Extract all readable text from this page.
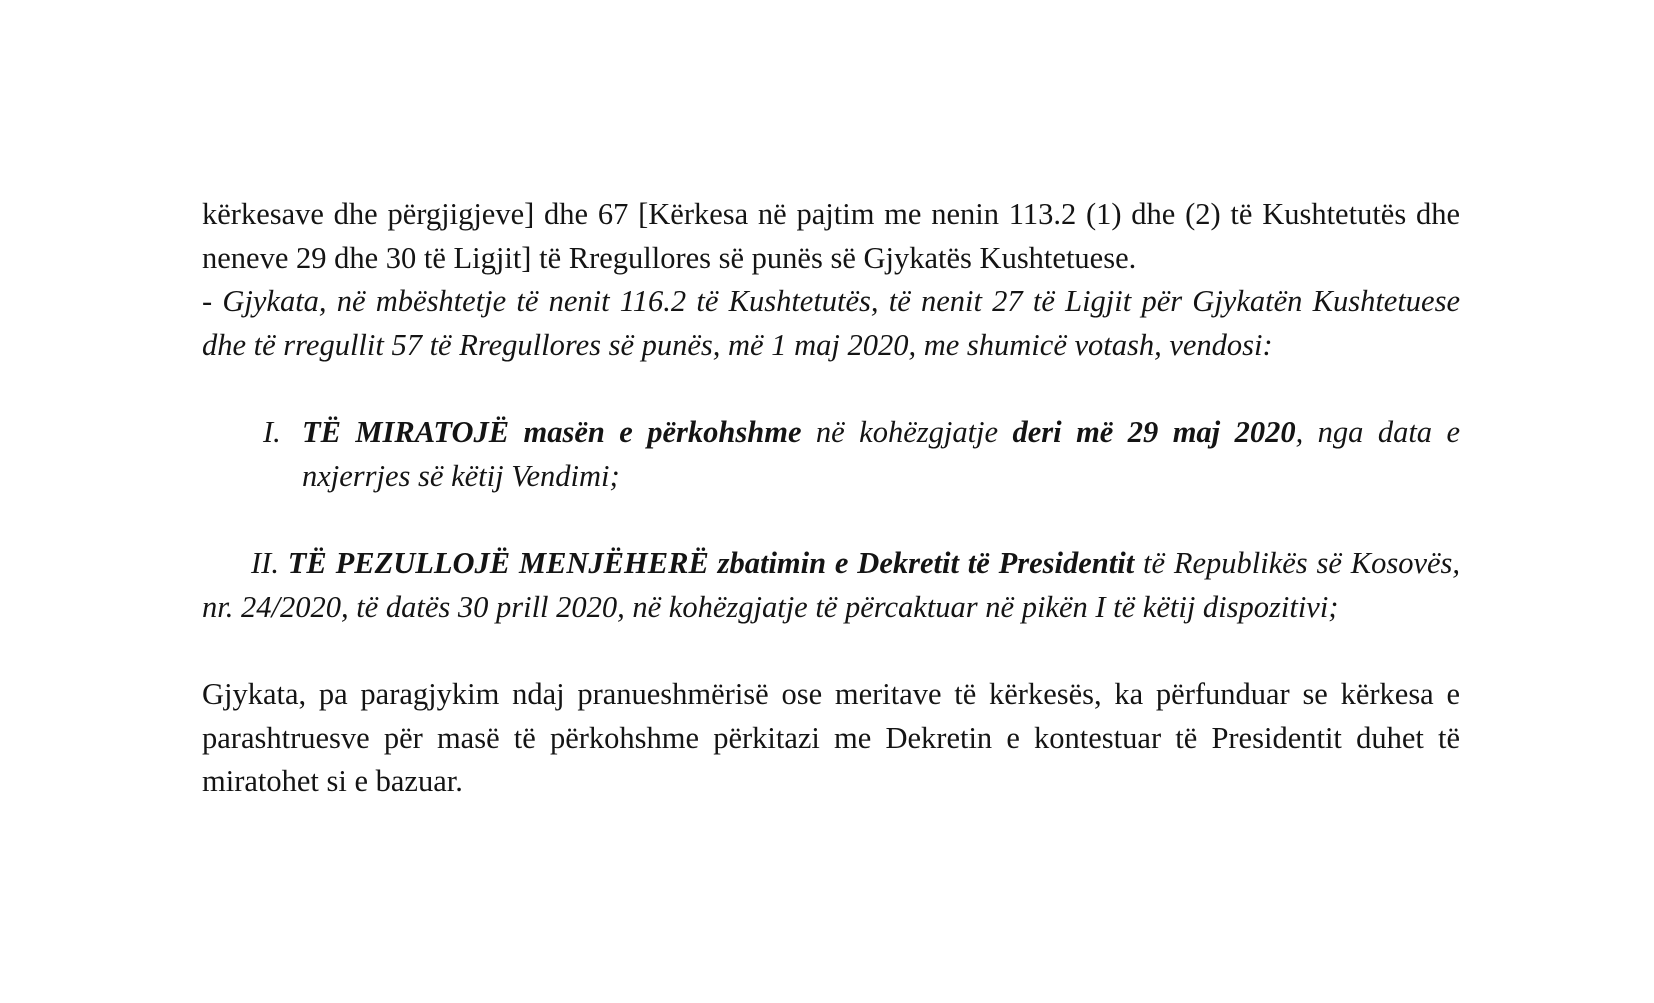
kërkesave dhe përgjigjeve] dhe 67 [Kërkesa në pajtim me nenin 113.2 (1) dhe (2) të Kushtetutës dhe neneve 29 dhe 30 të Ligjit] të Rregullores së punës së Gjykatës Kushtetuese.

- Gjykata, në mbështetje të nenit 116.2 të Kushtetutës, të nenit 27 të Ligjit për Gjykatën Kushtetuese dhe të rregullit 57 të Rregullores së punës, më 1 maj 2020, me shumicë votash, vendosi:

I. TË MIRATOJË masën e përkohshme në kohëzgjatje deri më 29 maj 2020, nga data e nxjerrjes së këtij Vendimi;

II. TË PEZULLOJË MENJËHERË zbatimin e Dekretit të Presidentit të Republikës së Kosovës, nr. 24/2020, të datës 30 prill 2020, në kohëzgjatje të përcaktuar në pikën I të këtij dispozitivi;

Gjykata, pa paragjykim ndaj pranueshmërisë ose meritave të kërkesës, ka përfunduar se kërkesa e parashtruesve për masë të përkohshme përkitazi me Dekretin e kontestuar të Presidentit duhet të miratohet si e bazuar.
